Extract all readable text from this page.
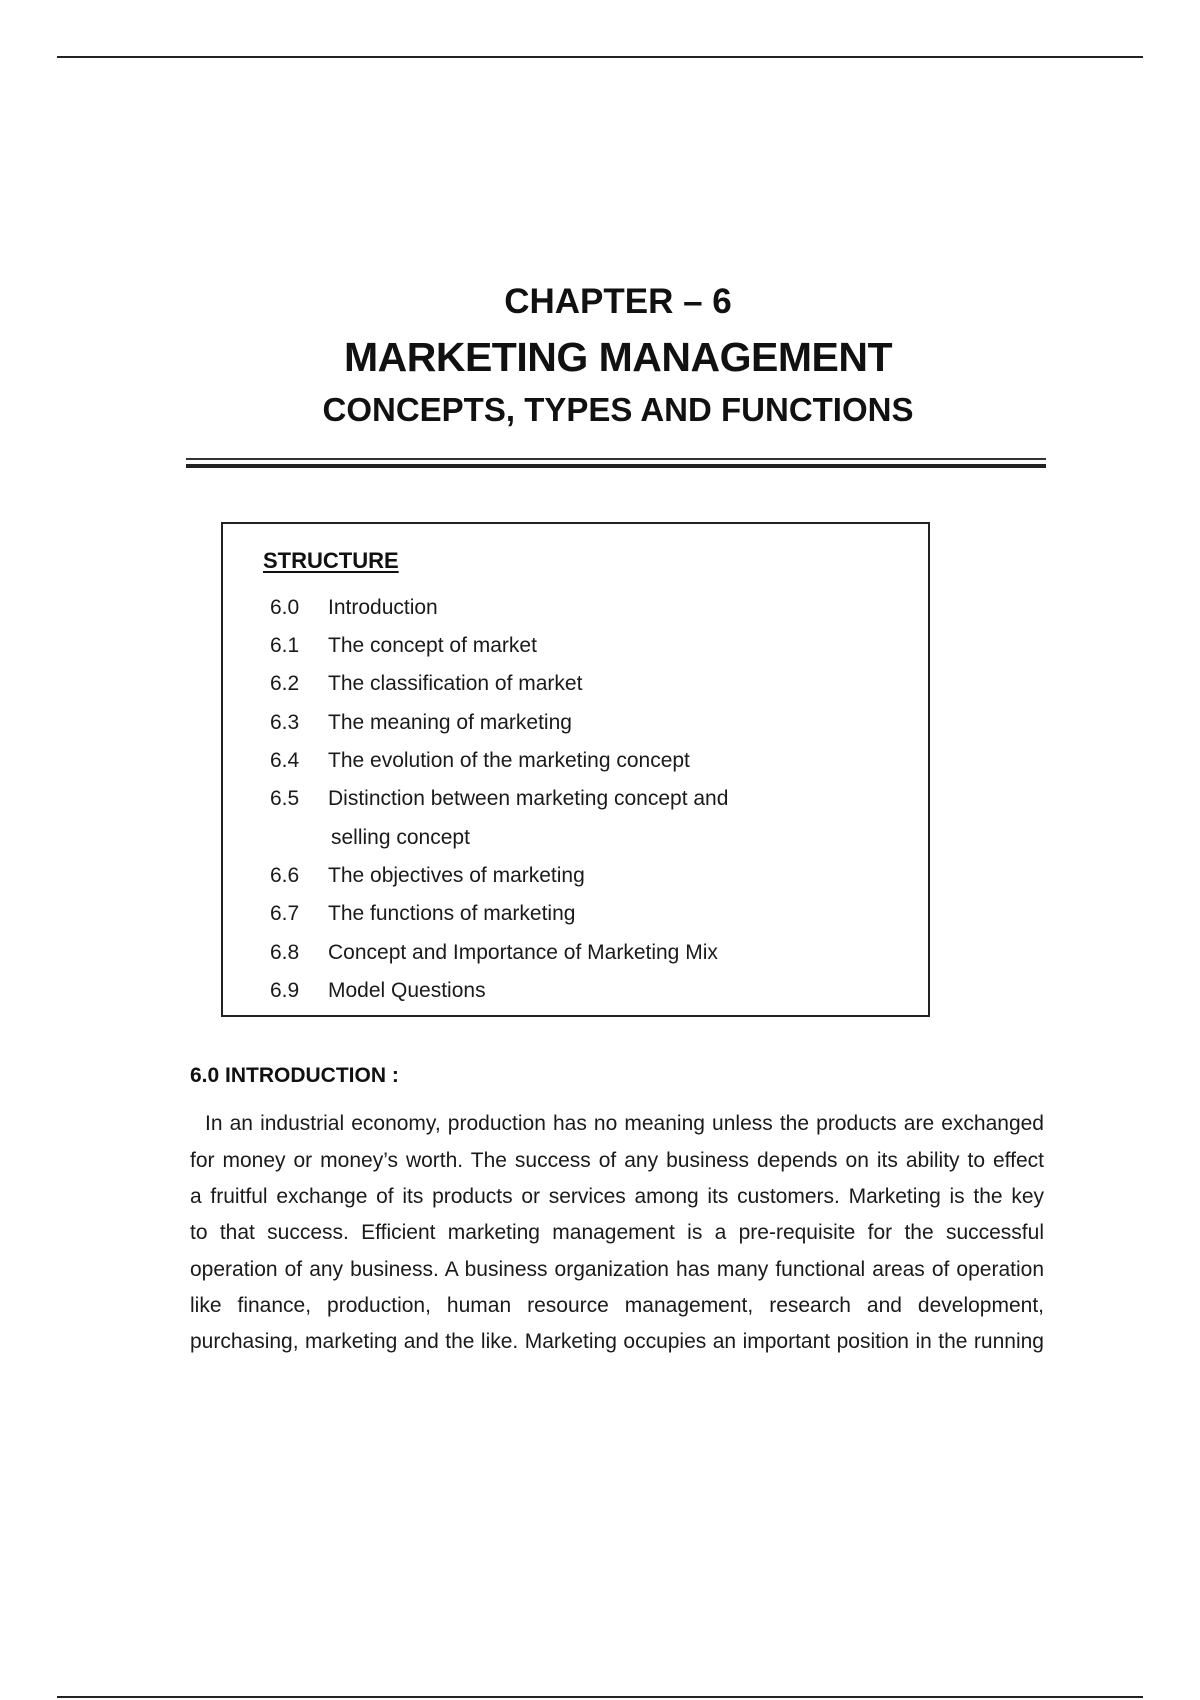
CHAPTER – 6
MARKETING MANAGEMENT
CONCEPTS, TYPES AND FUNCTIONS
STRUCTURE
6.0 Introduction
6.1 The concept of market
6.2 The classification of market
6.3 The meaning of marketing
6.4 The evolution of the marketing concept
6.5 Distinction between marketing concept and
selling concept
6.6 The objectives of marketing
6.7 The functions of marketing
6.8 Concept and Importance of Marketing Mix
6.9 Model Questions
6.0 INTRODUCTION :
In an industrial economy, production has no meaning unless the products are exchanged
for money or money’s worth. The success of any business depends on its ability to effect
a fruitful exchange of its products or services among its customers. Marketing is the key
to that success. Efficient marketing management is a pre-requisite for the successful
operation of any business. A business organization has many functional areas of operation
like finance, production, human resource management, research and development,
purchasing, marketing and the like. Marketing occupies an important position in the running
